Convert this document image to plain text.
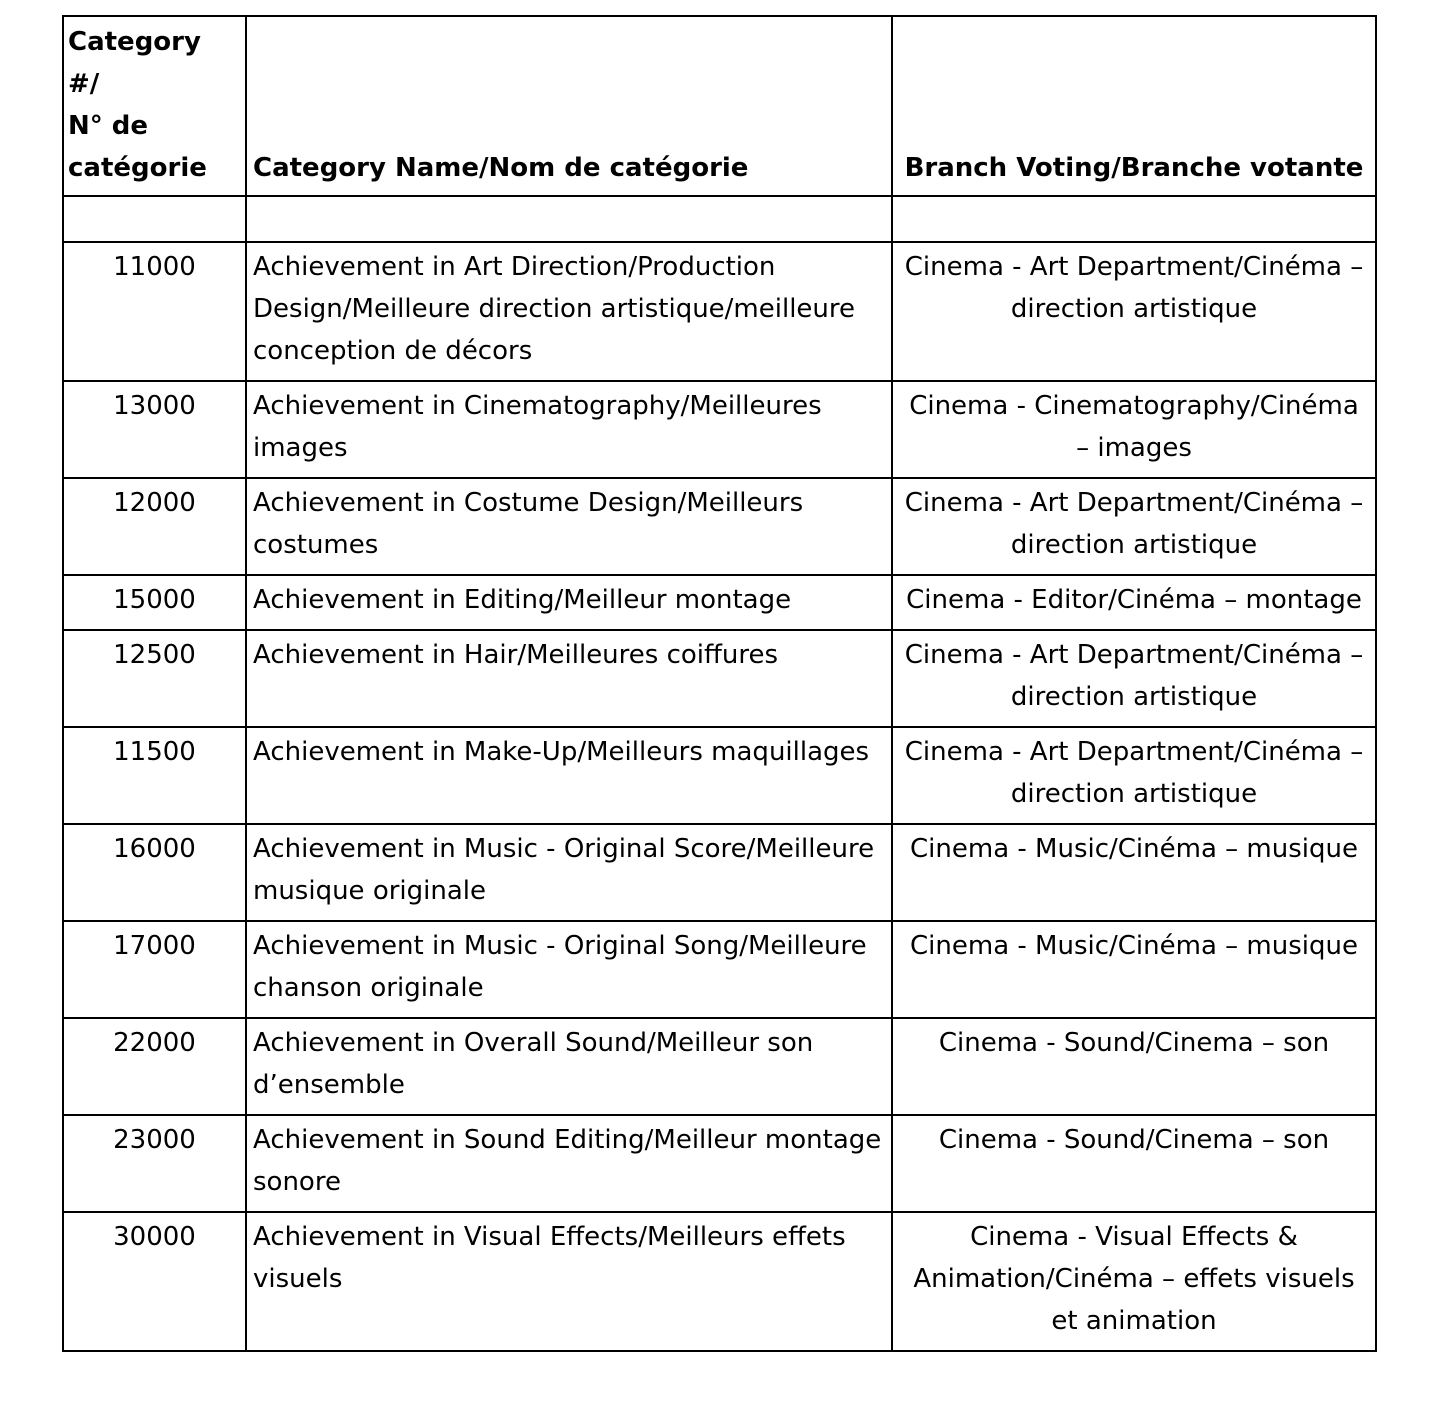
Category #/
N° de
catégorie	Category Name/Nom de catégorie	Branch Voting/Branche votante

11000	Achievement in Art Direction/Production Design/Meilleure direction artistique/meilleure conception de décors	Cinema - Art Department/Cinéma – direction artistique
13000	Achievement in Cinematography/Meilleures images	Cinema - Cinematography/Cinéma – images
12000	Achievement in Costume Design/Meilleurs costumes	Cinema - Art Department/Cinéma – direction artistique
15000	Achievement in Editing/Meilleur montage	Cinema - Editor/Cinéma – montage
12500	Achievement in Hair/Meilleures coiffures	Cinema - Art Department/Cinéma – direction artistique
11500	Achievement in Make-Up/Meilleurs maquillages	Cinema - Art Department/Cinéma – direction artistique
16000	Achievement in Music - Original Score/Meilleure musique originale	Cinema - Music/Cinéma – musique
17000	Achievement in Music - Original Song/Meilleure chanson originale	Cinema - Music/Cinéma – musique
22000	Achievement in Overall Sound/Meilleur son d’ensemble	Cinema - Sound/Cinema – son
23000	Achievement in Sound Editing/Meilleur montage sonore	Cinema - Sound/Cinema – son
30000	Achievement in Visual Effects/Meilleurs effets visuels	Cinema - Visual Effects & Animation/Cinéma – effets visuels et animation
